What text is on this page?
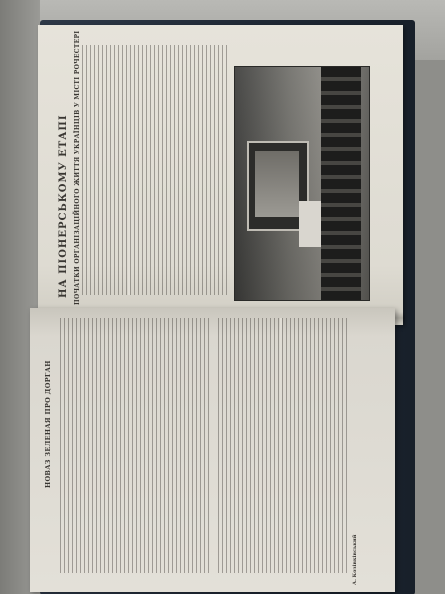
НА ПІОНЕРСЬКОМУ ЕТАПІ ПОЧАТКИ ОРГАНІЗАЦІЙНОГО ЖИТТЯ УКРАЇНЦІВ У МІСТІ РОЧЕСТЕРІ
НОВАЗ ЗЕЛЕНАЯ ПРО ДОРГАН
А. Козівківський
